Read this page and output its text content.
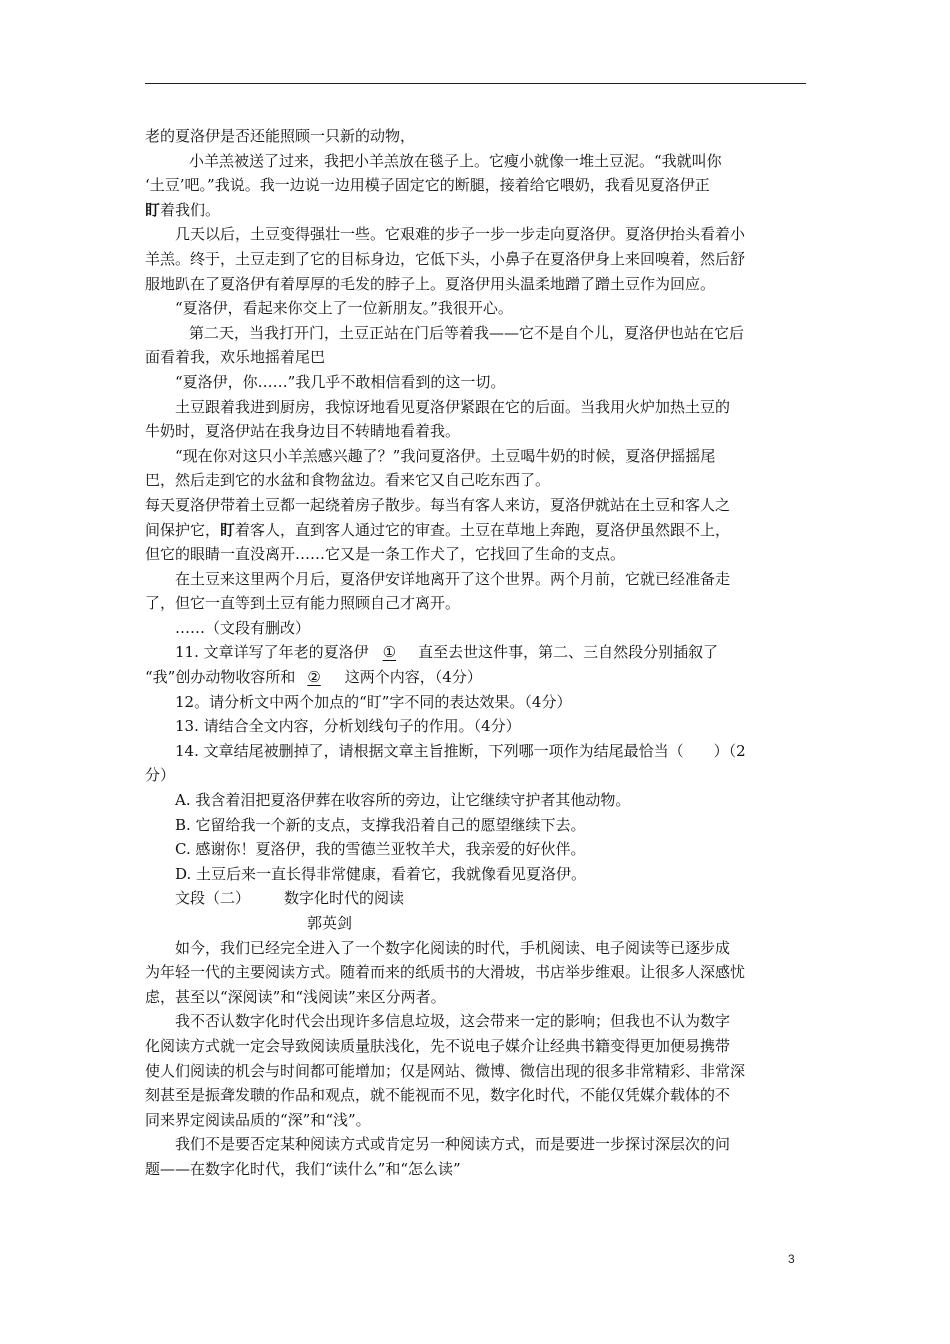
老的夏洛伊是否还能照顾一只新的动物，
小羊羔被送了过来，我把小羊羔放在毯子上。它瘦小就像一堆土豆泥。“我就叫你
‘土豆’吧。”我说。我一边说一边用模子固定它的断腿，接着给它喂奶，我看见夏洛伊正
盯着我们。
几天以后，土豆变得强壮一些。它艰难的步子一步一步走向夏洛伊。夏洛伊抬头看着小
羊羔。终于，土豆走到了它的目标身边，它低下头，小鼻子在夏洛伊身上来回嗅着，然后舒
服地趴在了夏洛伊有着厚厚的毛发的脖子上。夏洛伊用头温柔地蹭了蹭土豆作为回应。
“夏洛伊，看起来你交上了一位新朋友。”我很开心。
第二天，当我打开门，土豆正站在门后等着我——它不是自个儿，夏洛伊也站在它后
面看着我，欢乐地摇着尾巴
“夏洛伊，你……”我几乎不敢相信看到的这一切。
土豆跟着我进到厨房，我惊讶地看见夏洛伊紧跟在它的后面。当我用火炉加热土豆的
牛奶时，夏洛伊站在我身边目不转睛地看着我。
“现在你对这只小羊羔感兴趣了？”我问夏洛伊。土豆喝牛奶的时候，夏洛伊摇摇尾
巴，然后走到它的水盆和食物盆边。看来它又自己吃东西了。
每天夏洛伊带着土豆都一起绕着房子散步。每当有客人来访，夏洛伊就站在土豆和客人之
间保护它，盯着客人，直到客人通过它的审查。土豆在草地上奔跑，夏洛伊虽然跟不上，
但它的眼睛一直没离开……它又是一条工作犬了，它找回了生命的支点。
在土豆来这里两个月后，夏洛伊安详地离开了这个世界。两个月前，它就已经准备走
了，但它一直等到土豆有能力照顾自己才离开。
……（文段有删改）
11. 文章详写了年老的夏洛伊 ① 直至去世这件事，第二、三自然段分别插叙了
“我”创办动物收容所和 ② 这两个内容，（4分）
12。请分析文中两个加点的“盯”字不同的表达效果。（4分）
13. 请结合全文内容，分析划线句子的作用。（4分）
14. 文章结尾被删掉了，请根据文章主旨推断，下列哪一项作为结尾最恰当（　　）（2
分）
A. 我含着泪把夏洛伊葬在收容所的旁边，让它继续守护者其他动物。
B. 它留给我一个新的支点，支撑我沿着自己的愿望继续下去。
C. 感谢你！夏洛伊，我的雪德兰亚牧羊犬，我亲爱的好伙伴。
D. 土豆后来一直长得非常健康，看着它，我就像看见夏洛伊。
文段（二） 数字化时代的阅读
郭英剑
如今，我们已经完全进入了一个数字化阅读的时代，手机阅读、电子阅读等已逐步成
为年轻一代的主要阅读方式。随着而来的纸质书的大滑坡，书店举步维艰。让很多人深感忧
虑，甚至以“深阅读”和“浅阅读”来区分两者。
我不否认数字化时代会出现许多信息垃圾，这会带来一定的影响；但我也不认为数字
化阅读方式就一定会导致阅读质量肤浅化，先不说电子媒介让经典书籍变得更加便易携带
使人们阅读的机会与时间都可能增加；仅是网站、微博、微信出现的很多非常精彩、非常深
刻甚至是振聋发聩的作品和观点，就不能视而不见，数字化时代，不能仅凭媒介载体的不
同来界定阅读品质的“深”和“浅”。
我们不是要否定某种阅读方式或肯定另一种阅读方式，而是要进一步探讨深层次的问
题——在数字化时代，我们“读什么”和“怎么读”
3
